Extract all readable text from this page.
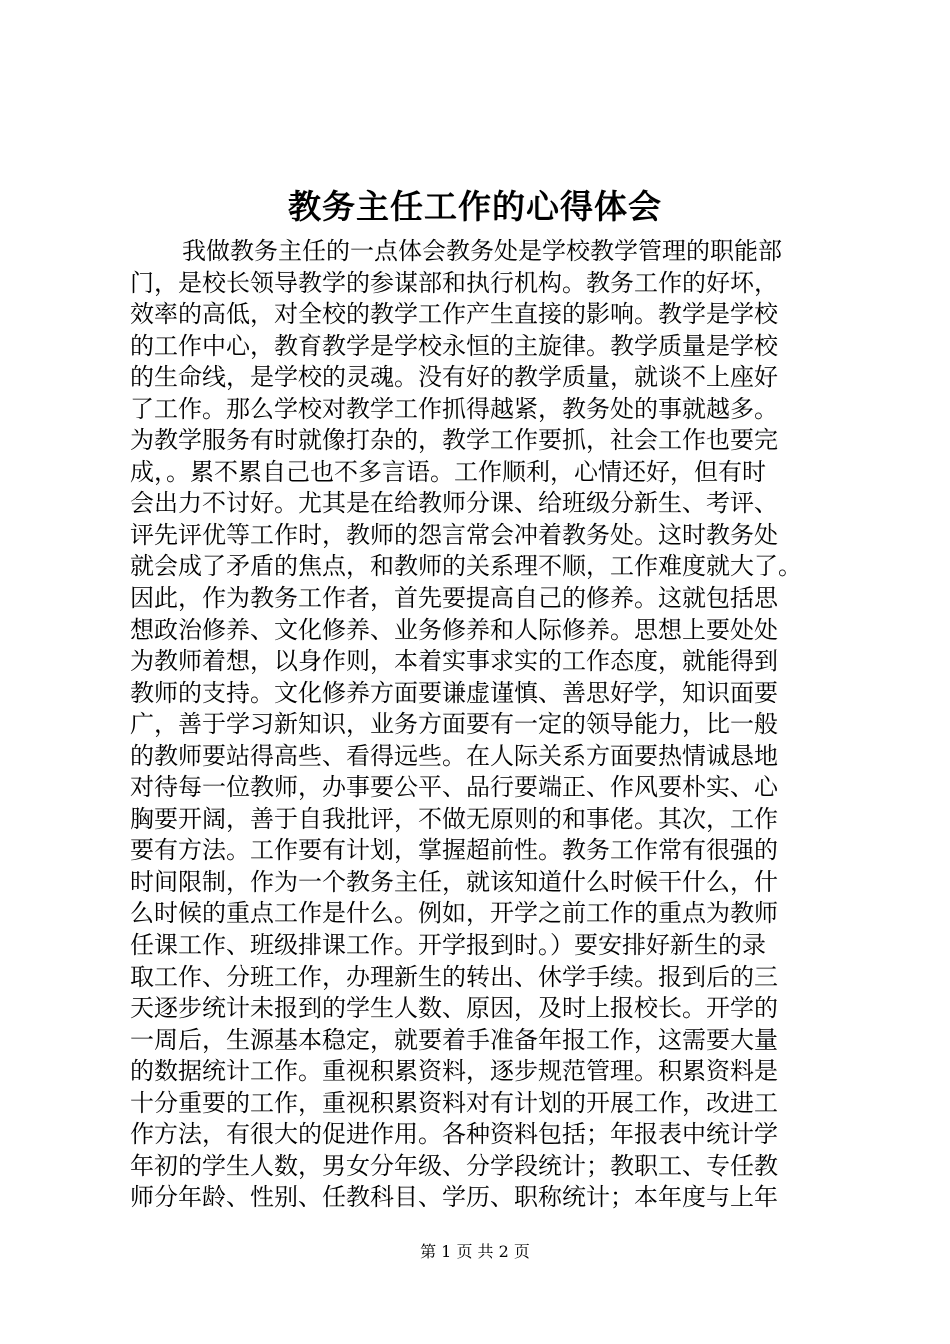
教务主任工作的心得体会
我做教务主任的一点体会教务处是学校教学管理的职能部
门，是校长领导教学的参谋部和执行机构。教务工作的好坏，
效率的高低，对全校的教学工作产生直接的影响。教学是学校
的工作中心，教育教学是学校永恒的主旋律。教学质量是学校
的生命线，是学校的灵魂。没有好的教学质量，就谈不上座好
了工作。那么学校对教学工作抓得越紧，教务处的事就越多。
为教学服务有时就像打杂的，教学工作要抓，社会工作也要完
成，。累不累自己也不多言语。工作顺利，心情还好，但有时
会出力不讨好。尤其是在给教师分课、给班级分新生、考评、
评先评优等工作时，教师的怨言常会冲着教务处。这时教务处
就会成了矛盾的焦点，和教师的关系理不顺，工作难度就大了。
因此，作为教务工作者，首先要提高自己的修养。这就包括思
想政治修养、文化修养、业务修养和人际修养。思想上要处处
为教师着想，以身作则，本着实事求实的工作态度，就能得到
教师的支持。文化修养方面要谦虚谨慎、善思好学，知识面要
广，善于学习新知识，业务方面要有一定的领导能力，比一般
的教师要站得高些、看得远些。在人际关系方面要热情诚恳地
对待每一位教师，办事要公平、品行要端正、作风要朴实、心
胸要开阔，善于自我批评，不做无原则的和事佬。其次，工作
要有方法。工作要有计划，掌握超前性。教务工作常有很强的
时间限制，作为一个教务主任，就该知道什么时候干什么，什
么时候的重点工作是什么。例如，开学之前工作的重点为教师
任课工作、班级排课工作。开学报到时。）要安排好新生的录
取工作、分班工作，办理新生的转出、休学手续。报到后的三
天逐步统计未报到的学生人数、原因，及时上报校长。开学的
一周后，生源基本稳定，就要着手准备年报工作，这需要大量
的数据统计工作。重视积累资料，逐步规范管理。积累资料是
十分重要的工作，重视积累资料对有计划的开展工作，改进工
作方法，有很大的促进作用。各种资料包括；年报表中统计学
年初的学生人数，男女分年级、分学段统计；教职工、专任教
师分年龄、性别、任教科目、学历、职称统计；本年度与上年
第 1 页 共 2 页
